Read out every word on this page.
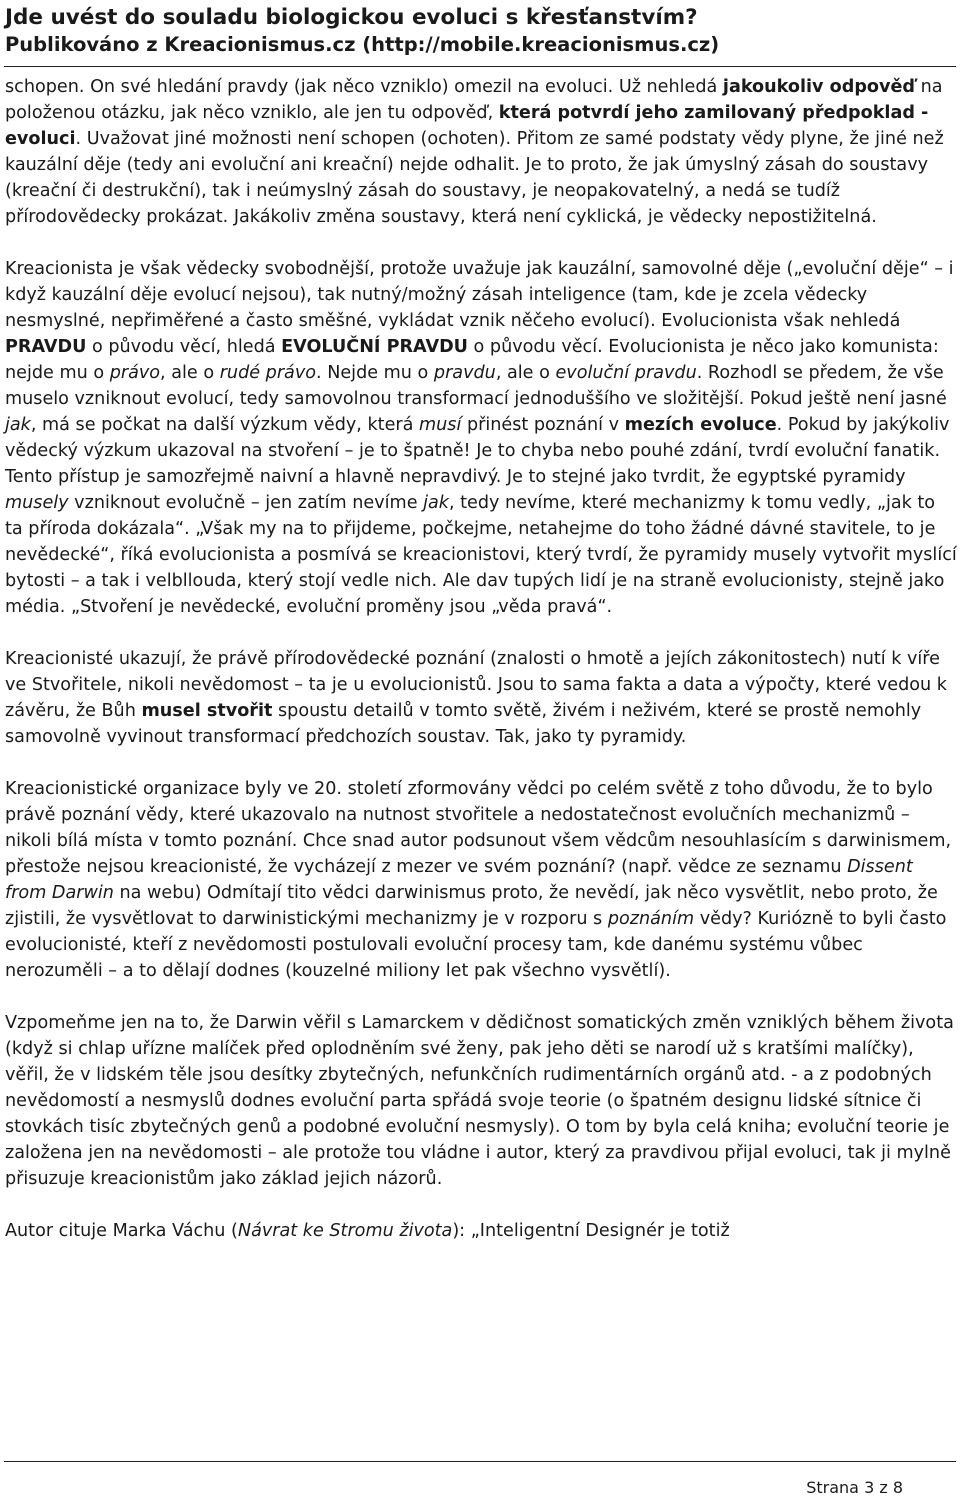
Jde uvést do souladu biologickou evoluci s křesťanstvím?
Publikováno z Kreacionismus.cz (http://mobile.kreacionismus.cz)

schopen. On své hledání pravdy (jak něco vzniklo) omezil na evoluci. Už nehledá jakoukoliv odpověď na položenou otázku, jak něco vzniklo, ale jen tu odpověď, která potvrdí jeho zamilovaný předpoklad - evoluci. Uvažovat jiné možnosti není schopen (ochoten). Přitom ze samé podstaty vědy plyne, že jiné než kauzální děje (tedy ani evoluční ani kreační) nejde odhalit. Je to proto, že jak úmyslný zásah do soustavy (kreační či destrukční), tak i neúmyslný zásah do soustavy, je neopakovatelný, a nedá se tudíž přírodovědecky prokázat. Jakákoliv změna soustavy, která není cyklická, je vědecky nepostižitelná.

Kreacionista je však vědecky svobodnější, protože uvažuje jak kauzální, samovolné děje („evoluční děje“ – i když kauzální děje evolucí nejsou), tak nutný/možný zásah inteligence (tam, kde je zcela vědecky nesmyslné, nepřiměřené a často směšné, vykládat vznik něčeho evolucí). Evolucionista však nehledá PRAVDU o původu věcí, hledá EVOLUČNÍ PRAVDU o původu věcí. Evolucionista je něco jako komunista: nejde mu o právo, ale o rudé právo. Nejde mu o pravdu, ale o evoluční pravdu. Rozhodl se předem, že vše muselo vzniknout evolucí, tedy samovolnou transformací jednoduššího ve složitější. Pokud ještě není jasné jak, má se počkat na další výzkum vědy, která musí přinést poznání v mezích evoluce. Pokud by jakýkoliv vědecký výzkum ukazoval na stvoření – je to špatně! Je to chyba nebo pouhé zdání, tvrdí evoluční fanatik. Tento přístup je samozřejmě naivní a hlavně nepravdivý. Je to stejné jako tvrdit, že egyptské pyramidy musely vzniknout evolučně – jen zatím nevíme jak, tedy nevíme, které mechanizmy k tomu vedly, „jak to ta příroda dokázala“. „Však my na to přijdeme, počkejme, netahejme do toho žádné dávné stavitele, to je nevědecké“, říká evolucionista a posmívá se kreacionistovi, který tvrdí, že pyramidy musely vytvořit myslící bytosti – a tak i velbllouda, který stojí vedle nich. Ale dav tupých lidí je na straně evolucionisty, stejně jako média. „Stvoření je nevědecké, evoluční proměny jsou „věda pravá“.

Kreacionisté ukazují, že právě přírodovědecké poznání (znalosti o hmotě a jejích zákonitostech) nutí k víře ve Stvořitele, nikoli nevědomost – ta je u evolucionistů. Jsou to sama fakta a data a výpočty, které vedou k závěru, že Bůh musel stvořit spoustu detailů v tomto světě, živém i neživém, které se prostě nemohly samovolně vyvinout transformací předchozích soustav. Tak, jako ty pyramidy.

Kreacionistické organizace byly ve 20. století zformovány vědci po celém světě z toho důvodu, že to bylo právě poznání vědy, které ukazovalo na nutnost stvořitele a nedostatečnost evolučních mechanizmů – nikoli bílá místa v tomto poznání. Chce snad autor podsunout všem vědcům nesouhlasícím s darwinismem, přestože nejsou kreacionisté, že vycházejí z mezer ve svém poznání? (např. vědce ze seznamu Dissent from Darwin na webu) Odmítají tito vědci darwinismus proto, že nevědí, jak něco vysvětlit, nebo proto, že zjistili, že vysvětlovat to darwinistickými mechanizmy je v rozporu s poznáním vědy? Kuriózně to byli často evolucionisté, kteří z nevědomosti postulovali evoluční procesy tam, kde danému systému vůbec nerozuměli – a to dělají dodnes (kouzelné miliony let pak všechno vysvětlí).

Vzpomeňme jen na to, že Darwin věřil s Lamarckem v dědičnost somatických změn vzniklých během života (když si chlap uřízne malíček před oplodněním své ženy, pak jeho děti se narodí už s kratšími malíčky), věřil, že v lidském těle jsou desítky zbytečných, nefunkčních rudimentárních orgánů atd. - a z podobných nevědomostí a nesmyslů dodnes evoluční parta spřádá svoje teorie (o špatném designu lidské sítnice či stovkách tisíc zbytečných genů a podobné evoluční nesmysly). O tom by byla celá kniha; evoluční teorie je založena jen na nevědomosti – ale protože tou vládne i autor, který za pravdivou přijal evoluci, tak ji mylně přisuzuje kreacionistům jako základ jejich názorů.

Autor cituje Marka Váchu (Návrat ke Stromu života): „Inteligentní Designér je totiž

Strana 3 z 8
